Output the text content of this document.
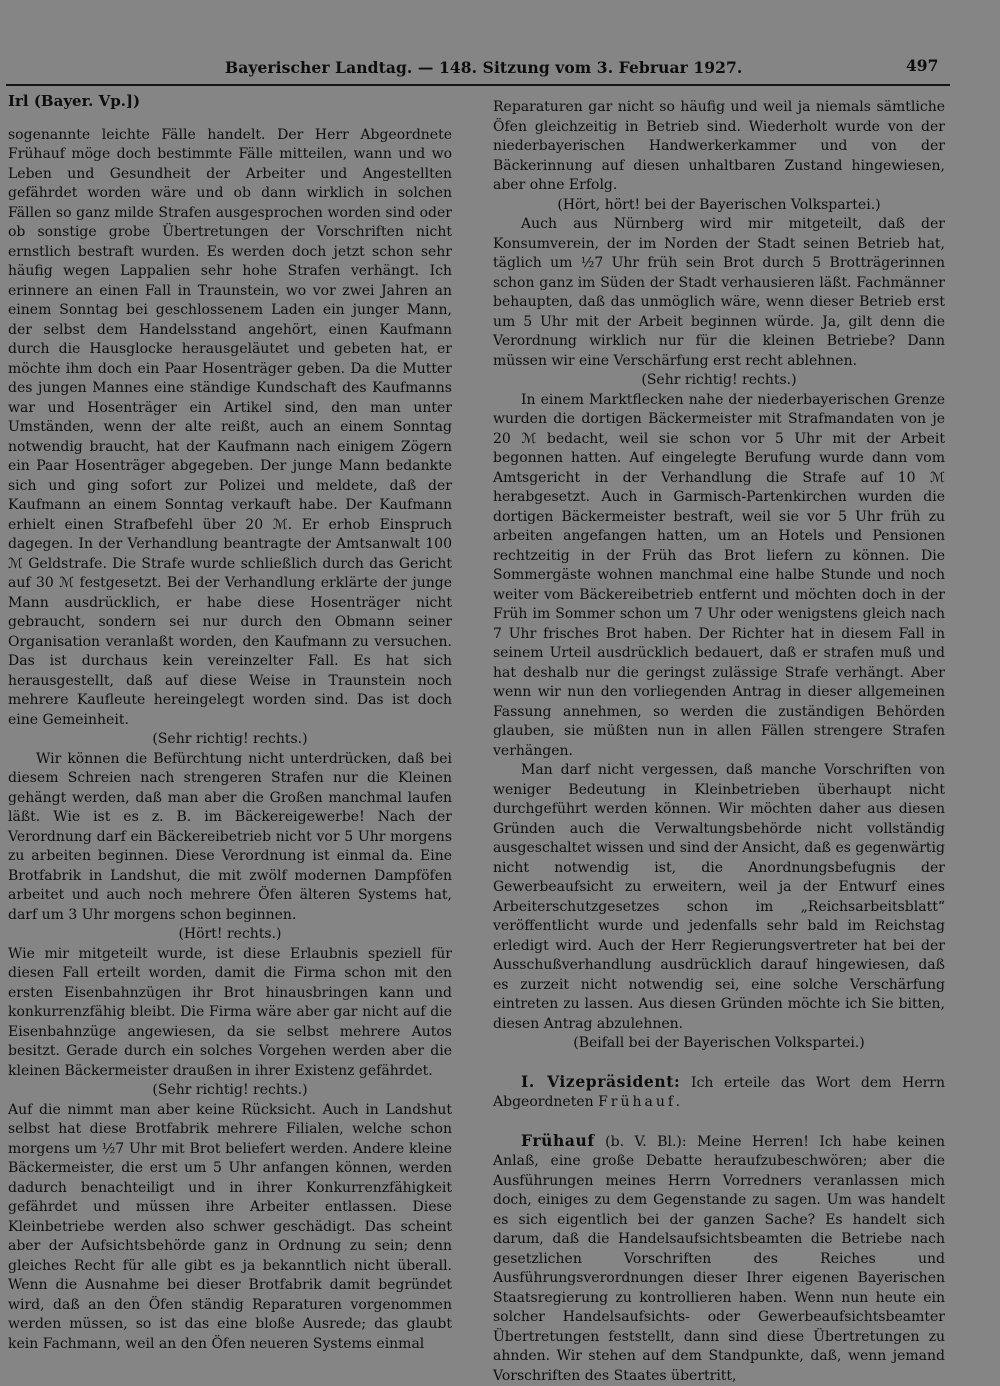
Bayerischer Landtag. — 148. Sitzung vom 3. Februar 1927.	497
Irl (Bayer. Vp.])

sogenannte leichte Fälle handelt. Der Herr Abgeordnete Frühauf möge doch bestimmte Fälle mitteilen, wann und wo Leben und Gesundheit der Arbeiter und Angestellten gefährdet worden wäre und ob dann wirklich in solchen Fällen so ganz milde Strafen ausgesprochen worden sind oder ob sonstige grobe Übertretungen der Vorschriften nicht ernstlich bestraft wurden. Es werden doch jetzt schon sehr häufig wegen Lappalien sehr hohe Strafen verhängt. Ich erinnere an einen Fall in Traunstein, wo vor zwei Jahren an einem Sonntag bei geschlossenem Laden ein junger Mann, der selbst dem Handelsstand angehört, einen Kaufmann durch die Hausglocke herausgeläutet und gebeten hat, er möchte ihm doch ein Paar Hosenträger geben. Da die Mutter des jungen Mannes eine ständige Kundschaft des Kaufmanns war und Hosenträger ein Artikel sind, den man unter Umständen, wenn der alte reißt, auch an einem Sonntag notwendig braucht, hat der Kaufmann nach einigem Zögern ein Paar Hosenträger abgegeben. Der junge Mann bedankte sich und ging sofort zur Polizei und meldete, daß der Kaufmann an einem Sonntag verkauft habe. Der Kaufmann erhielt einen Strafbefehl über 20 ℳ. Er erhob Einspruch dagegen. In der Verhandlung beantragte der Amtsanwalt 100 ℳ Geldstrafe. Die Strafe wurde schließlich durch das Gericht auf 30 ℳ festgesetzt. Bei der Verhandlung erklärte der junge Mann ausdrücklich, er habe diese Hosenträger nicht gebraucht, sondern sei nur durch den Obmann seiner Organisation veranlaßt worden, den Kaufmann zu versuchen. Das ist durchaus kein vereinzelter Fall. Es hat sich herausgestellt, daß auf diese Weise in Traunstein noch mehrere Kaufleute hereingelegt worden sind. Das ist doch eine Gemeinheit.

(Sehr richtig! rechts.)

Wir können die Befürchtung nicht unterdrücken, daß bei diesem Schreien nach strengeren Strafen nur die Kleinen gehängt werden, daß man aber die Großen manchmal laufen läßt. Wie ist es z. B. im Bäckereigewerbe! Nach der Verordnung darf ein Bäckereibetrieb nicht vor 5 Uhr morgens zu arbeiten beginnen. Diese Verordnung ist einmal da. Eine Brotfabrik in Landshut, die mit zwölf modernen Dampföfen arbeitet und auch noch mehrere Öfen älteren Systems hat, darf um 3 Uhr morgens schon beginnen.

(Hört! rechts.)

Wie mir mitgeteilt wurde, ist diese Erlaubnis speziell für diesen Fall erteilt worden, damit die Firma schon mit den ersten Eisenbahnzügen ihr Brot hinausbringen kann und konkurrenzfähig bleibt. Die Firma wäre aber gar nicht auf die Eisenbahnzüge angewiesen, da sie selbst mehrere Autos besitzt. Gerade durch ein solches Vorgehen werden aber die kleinen Bäckermeister draußen in ihrer Existenz gefährdet.

(Sehr richtig! rechts.)

Auf die nimmt man aber keine Rücksicht. Auch in Landshut selbst hat diese Brotfabrik mehrere Filialen, welche schon morgens um ½7 Uhr mit Brot beliefert werden. Andere kleine Bäckermeister, die erst um 5 Uhr anfangen können, werden dadurch benachteiligt und in ihrer Konkurrenzfähigkeit gefährdet und müssen ihre Arbeiter entlassen. Diese Kleinbetriebe werden also schwer geschädigt. Das scheint aber der Aufsichtsbehörde ganz in Ordnung zu sein; denn gleiches Recht für alle gibt es ja bekanntlich nicht überall. Wenn die Ausnahme bei dieser Brotfabrik damit begründet wird, daß an den Öfen ständig Reparaturen vorgenommen werden müssen, so ist das eine bloße Ausrede; das glaubt kein Fachmann, weil an den Öfen neueren Systems einmal

Reparaturen gar nicht so häufig und weil ja niemals sämtliche Öfen gleichzeitig in Betrieb sind. Wiederholt wurde von der niederbayerischen Handwerkerkammer und von der Bäckerinnung auf diesen unhaltbaren Zustand hingewiesen, aber ohne Erfolg.

(Hört, hört! bei der Bayerischen Volkspartei.)

Auch aus Nürnberg wird mir mitgeteilt, daß der Konsumverein, der im Norden der Stadt seinen Betrieb hat, täglich um ½7 Uhr früh sein Brot durch 5 Brotträgerinnen schon ganz im Süden der Stadt verhausieren läßt. Fachmänner behaupten, daß das unmöglich wäre, wenn dieser Betrieb erst um 5 Uhr mit der Arbeit beginnen würde. Ja, gilt denn die Verordnung wirklich nur für die kleinen Betriebe? Dann müssen wir eine Verschärfung erst recht ablehnen.

(Sehr richtig! rechts.)

In einem Marktflecken nahe der niederbayerischen Grenze wurden die dortigen Bäckermeister mit Strafmandaten von je 20 ℳ bedacht, weil sie schon vor 5 Uhr mit der Arbeit begonnen hatten. Auf eingelegte Berufung wurde dann vom Amtsgericht in der Verhandlung die Strafe auf 10 ℳ herabgesetzt. Auch in Garmisch-Partenkirchen wurden die dortigen Bäckermeister bestraft, weil sie vor 5 Uhr früh zu arbeiten angefangen hatten, um an Hotels und Pensionen rechtzeitig in der Früh das Brot liefern zu können. Die Sommergäste wohnen manchmal eine halbe Stunde und noch weiter vom Bäckereibetrieb entfernt und möchten doch in der Früh im Sommer schon um 7 Uhr oder wenigstens gleich nach 7 Uhr frisches Brot haben. Der Richter hat in diesem Fall in seinem Urteil ausdrücklich bedauert, daß er strafen muß und hat deshalb nur die geringst zulässige Strafe verhängt. Aber wenn wir nun den vorliegenden Antrag in dieser allgemeinen Fassung annehmen, so werden die zuständigen Behörden glauben, sie müßten nun in allen Fällen strengere Strafen verhängen.

Man darf nicht vergessen, daß manche Vorschriften von weniger Bedeutung in Kleinbetrieben überhaupt nicht durchgeführt werden können. Wir möchten daher aus diesen Gründen auch die Verwaltungsbehörde nicht vollständig ausgeschaltet wissen und sind der Ansicht, daß es gegenwärtig nicht notwendig ist, die Anordnungsbefugnis der Gewerbeaufsicht zu erweitern, weil ja der Entwurf eines Arbeiterschutzgesetzes schon im „Reichsarbeitsblatt“ veröffentlicht wurde und jedenfalls sehr bald im Reichstag erledigt wird. Auch der Herr Regierungsvertreter hat bei der Ausschußverhandlung ausdrücklich darauf hingewiesen, daß es zurzeit nicht notwendig sei, eine solche Verschärfung eintreten zu lassen. Aus diesen Gründen möchte ich Sie bitten, diesen Antrag abzulehnen.

(Beifall bei der Bayerischen Volkspartei.)

I. Vizepräsident: Ich erteile das Wort dem Herrn Abgeordneten Frühauf.

Frühauf (b. V. Bl.): Meine Herren! Ich habe keinen Anlaß, eine große Debatte heraufzubeschwören; aber die Ausführungen meines Herrn Vorredners veranlassen mich doch, einiges zu dem Gegenstande zu sagen. Um was handelt es sich eigentlich bei der ganzen Sache? Es handelt sich darum, daß die Handelsaufsichtsbeamten die Betriebe nach gesetzlichen Vorschriften des Reiches und Ausführungsverordnungen dieser Ihrer eigenen Bayerischen Staatsregierung zu kontrollieren haben. Wenn nun heute ein solcher Handelsaufsichts- oder Gewerbeaufsichtsbeamter Übertretungen feststellt, dann sind diese Übertretungen zu ahnden. Wir stehen auf dem Standpunkte, daß, wenn jemand Vorschriften des Staates übertritt,
